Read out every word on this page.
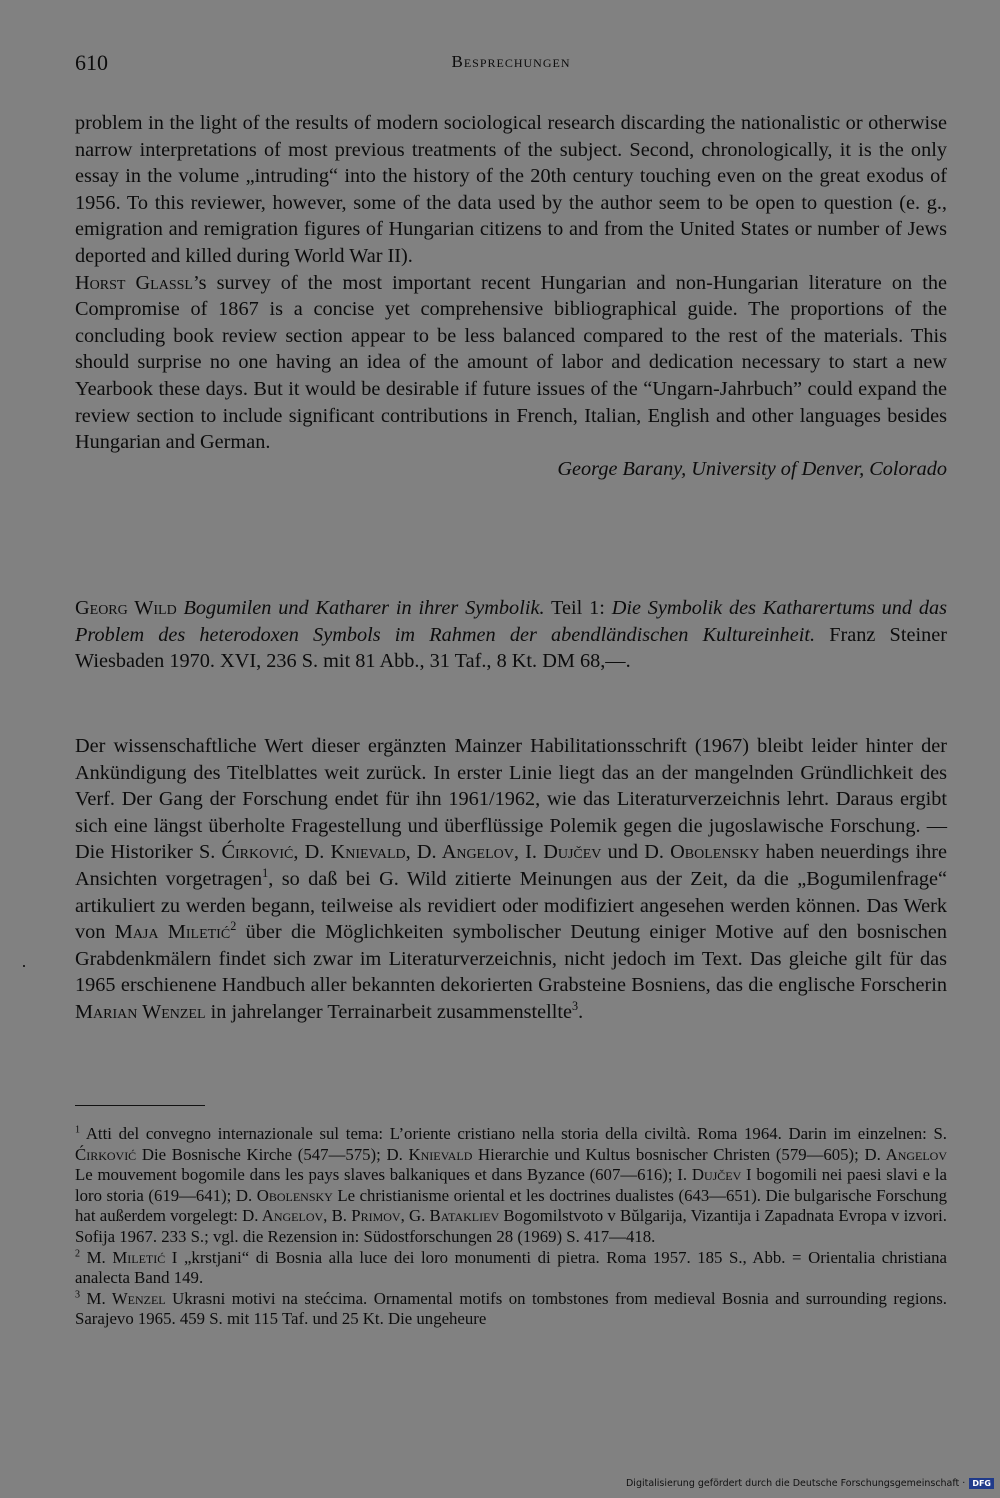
610	Besprechungen

problem in the light of the results of modern sociological research discarding the nationalistic or otherwise narrow interpretations of most previous treatments of the subject. Second, chronologically, it is the only essay in the volume „intruding“ into the history of the 20th century touching even on the great exodus of 1956. To this reviewer, however, some of the data used by the author seem to be open to question (e. g., emigration and remigration figures of Hungarian citizens to and from the United States or number of Jews deported and killed during World War II).

Horst Glassl’s survey of the most important recent Hungarian and non-Hungarian literature on the Compromise of 1867 is a concise yet comprehensive bibliographical guide. The proportions of the concluding book review section appear to be less balanced compared to the rest of the materials. This should surprise no one having an idea of the amount of labor and dedication necessary to start a new Yearbook these days. But it would be desirable if future issues of the “Ungarn-Jahrbuch” could expand the review section to include significant contributions in French, Italian, English and other languages besides Hungarian and German.

George Barany, University of Denver, Colorado

Georg Wild Bogumilen und Katharer in ihrer Symbolik. Teil 1: Die Symbolik des Katharertums und das Problem des heterodoxen Symbols im Rahmen der abendländischen Kultureinheit. Franz Steiner Wiesbaden 1970. XVI, 236 S. mit 81 Abb., 31 Taf., 8 Kt. DM 68,—.

Der wissenschaftliche Wert dieser ergänzten Mainzer Habilitationsschrift (1967) bleibt leider hinter der Ankündigung des Titelblattes weit zurück. In erster Linie liegt das an der mangelnden Gründlichkeit des Verf. Der Gang der Forschung endet für ihn 1961/1962, wie das Literaturverzeichnis lehrt. Daraus ergibt sich eine längst überholte Fragestellung und überflüssige Polemik gegen die jugoslawische Forschung. — Die Historiker S. Ćirković, D. Knievald, D. Angelov, I. Dujčev und D. Obolensky haben neuerdings ihre Ansichten vorgetragen$^1$, so daß bei G. Wild zitierte Meinungen aus der Zeit, da die „Bogumilenfrage“ artikuliert zu werden begann, teilweise als revidiert oder modifiziert angesehen werden können. Das Werk von Maja Miletić$^2$ über die Möglichkeiten symbolischer Deutung einiger Motive auf den bosnischen Grabdenkmälern findet sich zwar im Literaturverzeichnis, nicht jedoch im Text. Das gleiche gilt für das 1965 erschienene Handbuch aller bekannten dekorierten Grabsteine Bosniens, das die englische Forscherin Marian Wenzel in jahrelanger Terrainarbeit zusammenstellte$^3$.

$^1$ Atti del convegno internazionale sul tema: L’oriente cristiano nella storia della civiltà. Roma 1964. Darin im einzelnen: S. Ćirković Die Bosnische Kirche (547—575); D. Knievald Hierarchie und Kultus bosnischer Christen (579—605); D. Angelov Le mouvement bogomile dans les pays slaves balkaniques et dans Byzance (607—616); I. Dujčev I bogomili nei paesi slavi e la loro storia (619—641); D. Obolensky Le christianisme oriental et les doctrines dualistes (643—651). Die bulgarische Forschung hat außerdem vorgelegt: D. Angelov, B. Primov, G. Batakliev Bogomilstvoto v Bŭlgarija, Vizantija i Zapadnata Evropa v izvori. Sofija 1967. 233 S.; vgl. die Rezension in: Südostforschungen 28 (1969) S. 417—418.

$^2$ M. Miletić I „krstjani“ di Bosnia alla luce dei loro monumenti di pietra. Roma 1957. 185 S., Abb. = Orientalia christiana analecta Band 149.

$^3$ M. Wenzel Ukrasni motivi na stećcima. Ornamental motifs on tombstones from medieval Bosnia and surrounding regions. Sarajevo 1965. 459 S. mit 115 Taf. und 25 Kt. Die ungeheure

Digitalisierung gefördert durch die Deutsche Forschungsgemeinschaft · DFG
